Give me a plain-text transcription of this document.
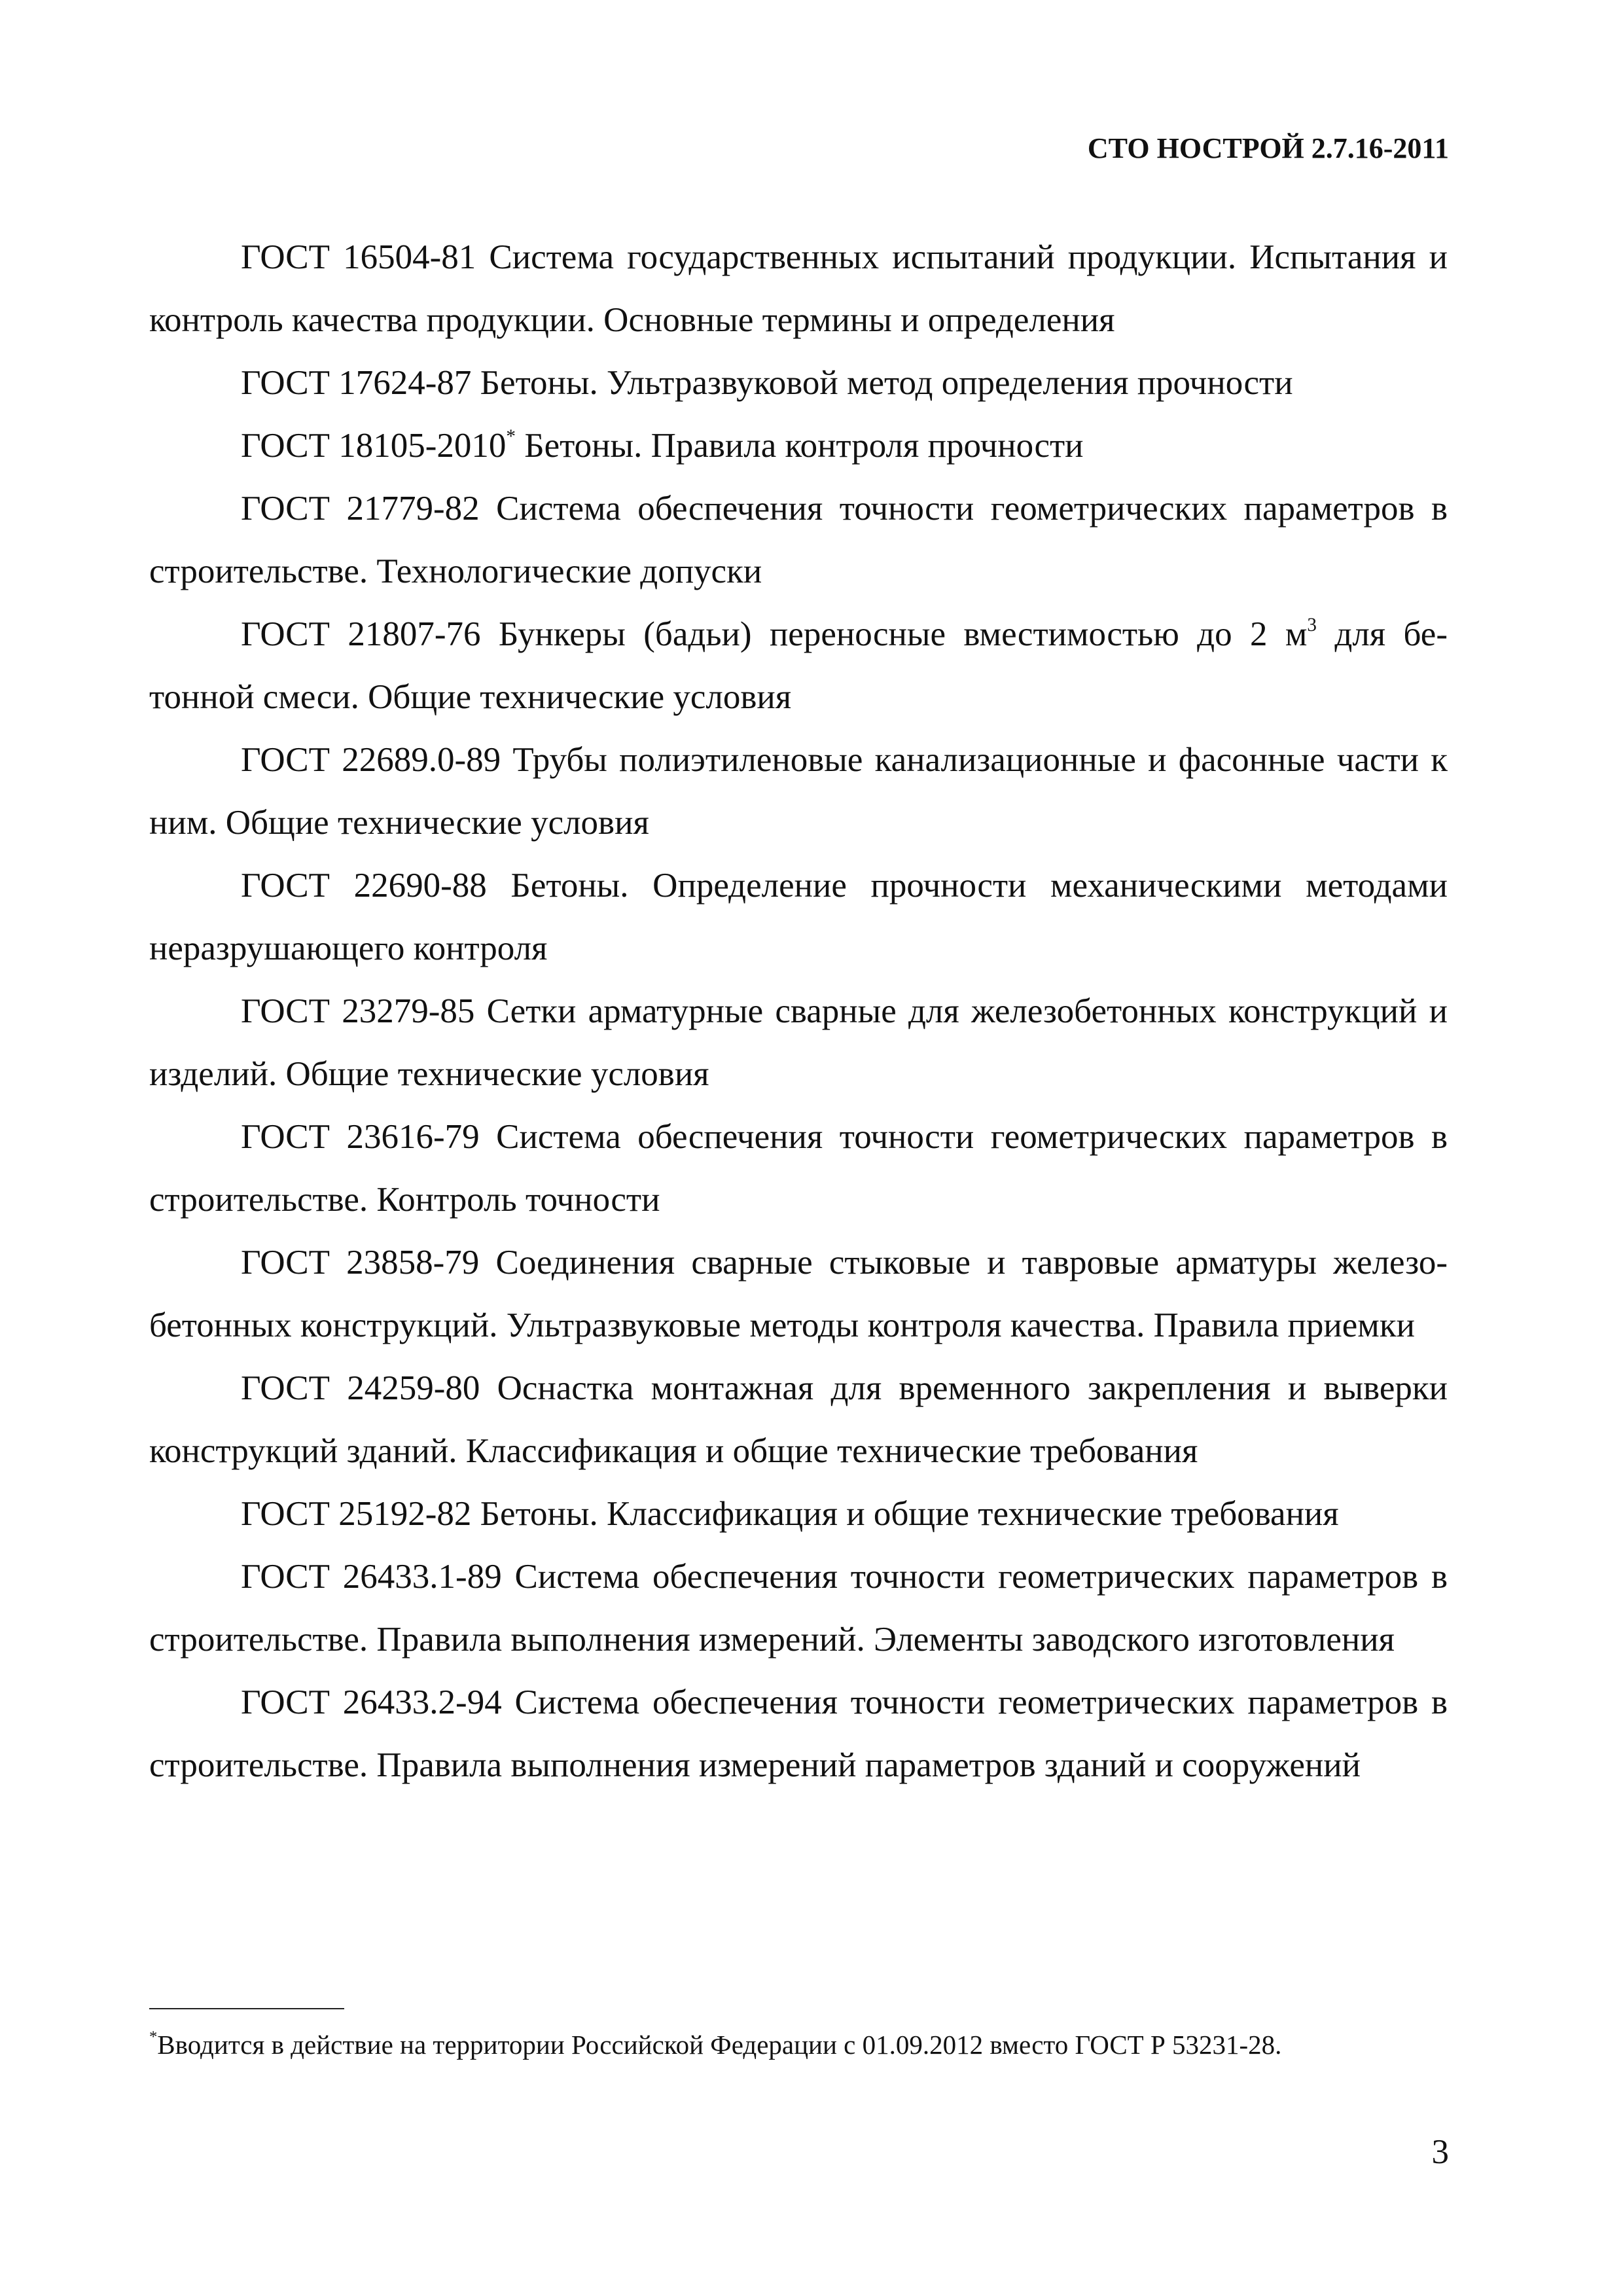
СТО НОСТРОЙ 2.7.16-2011

ГОСТ 16504-81 Система государственных испытаний продукции. Испытания и контроль качества продукции. Основные термины и определения

ГОСТ 17624-87 Бетоны. Ультразвуковой метод определения прочности

ГОСТ 18105-2010* Бетоны. Правила контроля прочности

ГОСТ 21779-82 Система обеспечения точности геометрических параметров в строительстве. Технологические допуски

ГОСТ 21807-76 Бункеры (бадьи) переносные вместимостью до 2 $м^3$ для бетонной смеси. Общие технические условия

ГОСТ 22689.0-89 Трубы полиэтиленовые канализационные и фасонные части к ним. Общие технические условия

ГОСТ 22690-88 Бетоны. Определение прочности механическими методами неразрушающего контроля

ГОСТ 23279-85 Сетки арматурные сварные для железобетонных конструкций и изделий. Общие технические условия

ГОСТ 23616-79 Система обеспечения точности геометрических параметров в строительстве. Контроль точности

ГОСТ 23858-79 Соединения сварные стыковые и тавровые арматуры железобетонных конструкций. Ультразвуковые методы контроля качества. Правила приемки

ГОСТ 24259-80 Оснастка монтажная для временного закрепления и выверки конструкций зданий. Классификация и общие технические требования

ГОСТ 25192-82 Бетоны. Классификация и общие технические требования

ГОСТ 26433.1-89 Система обеспечения точности геометрических параметров в строительстве. Правила выполнения измерений. Элементы заводского изготовления

ГОСТ 26433.2-94 Система обеспечения точности геометрических параметров в строительстве. Правила выполнения измерений параметров зданий и сооружений

*Вводится в действие на территории Российской Федерации с 01.09.2012 вместо ГОСТ Р 53231-28.
3
